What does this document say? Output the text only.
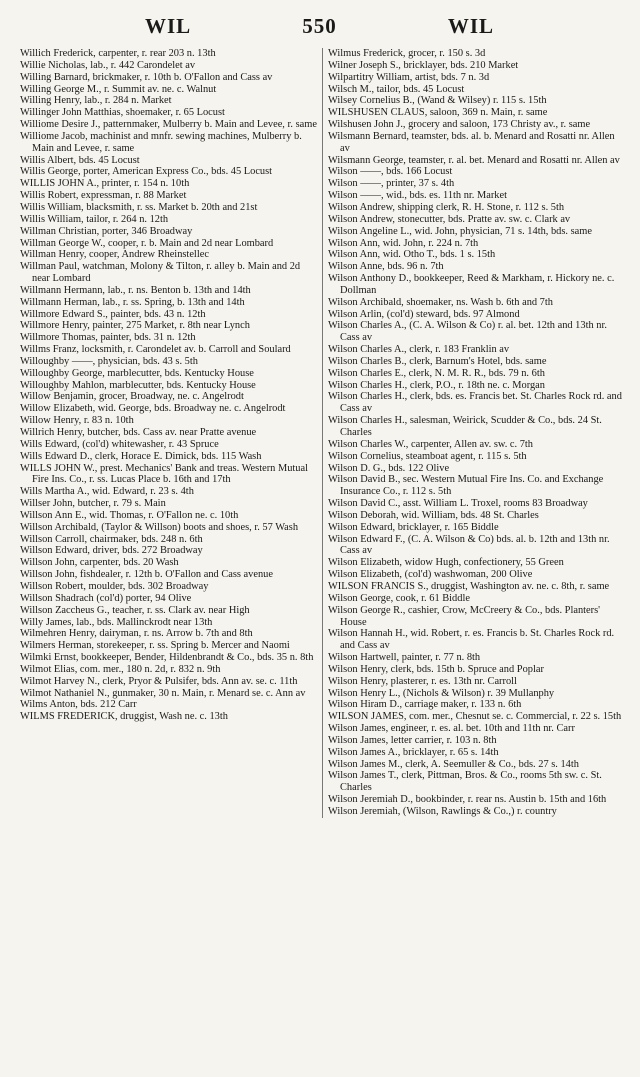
WIL	550	WIL
Willich Frederick, carpenter, r. rear 203 n. 13th
Willie Nicholas, lab., r. 442 Carondelet av
Willing Barnard, brickmaker, r. 10th b. O'Fallon and Cass av
Willing George M., r. Summit av. ne. c. Walnut
Willing Henry, lab., r. 284 n. Market
Willinger John Matthias, shoemaker, r. 65 Locust
Williome Desire J., patternmaker, Mulberry b. Main and Levee, r. same
Williome Jacob, machinist and mnfr. sewing machines, Mulberry b. Main and Levee, r. same
Willis Albert, bds. 45 Locust
Willis George, porter, American Express Co., bds. 45 Locust
WILLIS JOHN A., printer, r. 154 n. 10th
Willis Robert, expressman, r. 88 Market
Willis William, blacksmith, r. ss. Market b. 20th and 21st
Willis William, tailor, r. 264 n. 12th
Willman Christian, porter, 346 Broadway
Willman George W., cooper, r. b. Main and 2d near Lombard
Willman Henry, cooper, Andrew Rheinstellec
Willman Paul, watchman, Molony & Tilton, r. alley b. Main and 2d near Lombard
Willmann Hermann, lab., r. ns. Benton b. 13th and 14th
Willmann Herman, lab., r. ss. Spring, b. 13th and 14th
Willmore Edward S., painter, bds. 43 n. 12th
Willmore Henry, painter, 275 Market, r. 8th near Lynch
Willmore Thomas, painter, bds. 31 n. 12th
Willms Franz, locksmith, r. Carondelet av. b. Carroll and Soulard
Willoughby ——, physician, bds. 43 s. 5th
Willoughby George, marblecutter, bds. Kentucky House
Willoughby Mahlon, marblecutter, bds. Kentucky House
Willow Benjamin, grocer, Broadway, ne. c. Angelrodt
Willow Elizabeth, wid. George, bds. Broadway ne. c. Angelrodt
Willow Henry, r. 83 n. 10th
Willrich Henry, butcher, bds. Cass av. near Pratte avenue
Wills Edward, (col'd) whitewasher, r. 43 Spruce
Wills Edward D., clerk, Horace E. Dimick, bds. 115 Wash
WILLS JOHN W., prest. Mechanics' Bank and treas. Western Mutual Fire Ins. Co., r. ss. Lucas Place b. 16th and 17th
Wills Martha A., wid. Edward, r. 23 s. 4th
Willser John, butcher, r. 79 s. Main
Willson Ann E., wid. Thomas, r. O'Fallon ne. c. 10th
Willson Archibald, (Taylor & Willson) boots and shoes, r. 57 Wash
Willson Carroll, chairmaker, bds. 248 n. 6th
Willson Edward, driver, bds. 272 Broadway
Willson John, carpenter, bds. 20 Wash
Willson John, fishdealer, r. 12th b. O'Fallon and Cass avenue
Willson Robert, moulder, bds. 302 Broadway
Willson Shadrach (col'd) porter, 94 Olive
Willson Zaccheus G., teacher, r. ss. Clark av. near High
Willy James, lab., bds. Mallinckrodt near 13th
Wilmehren Henry, dairyman, r. ns. Arrow b. 7th and 8th
Wilmers Herman, storekeeper, r. ss. Spring b. Mercer and Naomi
Wilmki Ernst, bookkeeper, Bender, Hildenbrandt & Co., bds. 35 n. 8th
Wilmot Elias, com. mer., 180 n. 2d, r. 832 n. 9th
Wilmot Harvey N., clerk, Pryor & Pulsifer, bds. Ann av. se. c. 11th
Wilmot Nathaniel N., gunmaker, 30 n. Main, r. Menard se. c. Ann av
Wilms Anton, bds. 212 Carr
WILMS FREDERICK, druggist, Wash ne. c. 13th
Wilmus Frederick, grocer, r. 150 s. 3d
Wilner Joseph S., bricklayer, bds. 210 Market
Wilpartitry William, artist, bds. 7 n. 3d
Wilsch M., tailor, bds. 45 Locust
Wilsey Cornelius B., (Wand & Wilsey) r. 115 s. 15th
WILSHUSEN CLAUS, saloon, 369 n. Main, r. same
Wilshusen John J., grocery and saloon, 173 Christy av., r. same
Wilsmann Bernard, teamster, bds. al. b. Menard and Rosatti nr. Allen av
Wilsmann George, teamster, r. al. bet. Menard and Rosatti nr. Allen av
Wilson ——, bds. 166 Locust
Wilson ——, printer, 37 s. 4th
Wilson ——, wid., bds. es. 11th nr. Market
Wilson Andrew, shipping clerk, R. H. Stone, r. 112 s. 5th
Wilson Andrew, stonecutter, bds. Pratte av. sw. c. Clark av
Wilson Angeline L., wid. John, physician, 71 s. 14th, bds. same
Wilson Ann, wid. John, r. 224 n. 7th
Wilson Ann, wid. Otho T., bds. 1 s. 15th
Wilson Anne, bds. 96 n. 7th
Wilson Anthony D., bookkeeper, Reed & Markham, r. Hickory ne. c. Dollman
Wilson Archibald, shoemaker, ns. Wash b. 6th and 7th
Wilson Arlin, (col'd) steward, bds. 97 Almond
Wilson Charles A., (C. A. Wilson & Co) r. al. bet. 12th and 13th nr. Cass av
Wilson Charles A., clerk, r. 183 Franklin av
Wilson Charles B., clerk, Barnum's Hotel, bds. same
Wilson Charles E., clerk, N. M. R. R., bds. 79 n. 6th
Wilson Charles H., clerk, P.O., r. 18th ne. c. Morgan
Wilson Charles H., clerk, bds. es. Francis bet. St. Charles Rock rd. and Cass av
Wilson Charles H., salesman, Weirick, Scudder & Co., bds. 24 St. Charles
Wilson Charles W., carpenter, Allen av. sw. c. 7th
Wilson Cornelius, steamboat agent, r. 115 s. 5th
Wilson D. G., bds. 122 Olive
Wilson David B., sec. Western Mutual Fire Ins. Co. and Exchange Insurance Co., r. 112 s. 5th
Wilson David C., asst. William L. Troxel, rooms 83 Broadway
Wilson Deborah, wid. William, bds. 48 St. Charles
Wilson Edward, bricklayer, r. 165 Biddle
Wilson Edward F., (C. A. Wilson & Co) bds. al. b. 12th and 13th nr. Cass av
Wilson Elizabeth, widow Hugh, confectionery, 55 Green
Wilson Elizabeth, (col'd) washwoman, 200 Olive
WILSON FRANCIS S., druggist, Washington av. ne. c. 8th, r. same
Wilson George, cook, r. 61 Biddle
Wilson George R., cashier, Crow, McCreery & Co., bds. Planters' House
Wilson Hannah H., wid. Robert, r. es. Francis b. St. Charles Rock rd. and Cass av
Wilson Hartwell, painter, r. 77 n. 8th
Wilson Henry, clerk, bds. 15th b. Spruce and Poplar
Wilson Henry, plasterer, r. es. 13th nr. Carroll
Wilson Henry L., (Nichols & Wilson) r. 39 Mullanphy
Wilson Hiram D., carriage maker, r. 133 n. 6th
WILSON JAMES, com. mer., Chesnut se. c. Commercial, r. 22 s. 15th
Wilson James, engineer, r. es. al. bet. 10th and 11th nr. Carr
Wilson James, letter carrier, r. 103 n. 8th
Wilson James A., bricklayer, r. 65 s. 14th
Wilson James M., clerk, A. Seemuller & Co., bds. 27 s. 14th
Wilson James T., clerk, Pittman, Bros. & Co., rooms 5th sw. c. St. Charles
Wilson Jeremiah D., bookbinder, r. rear ns. Austin b. 15th and 16th
Wilson Jeremiah, (Wilson, Rawlings & Co.,) r. country
